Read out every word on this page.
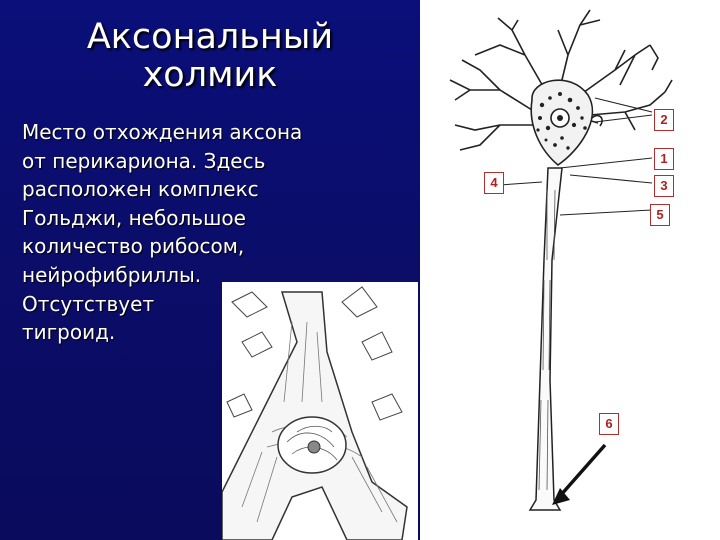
Аксональный
холмик
Место отхождения аксона
от перикариона. Здесь
расположен комплекс
Гольджи, небольшое
количество рибосом,
нейрофибриллы.
Отсутствует
тигроид.
2
1
4	3
5
6
